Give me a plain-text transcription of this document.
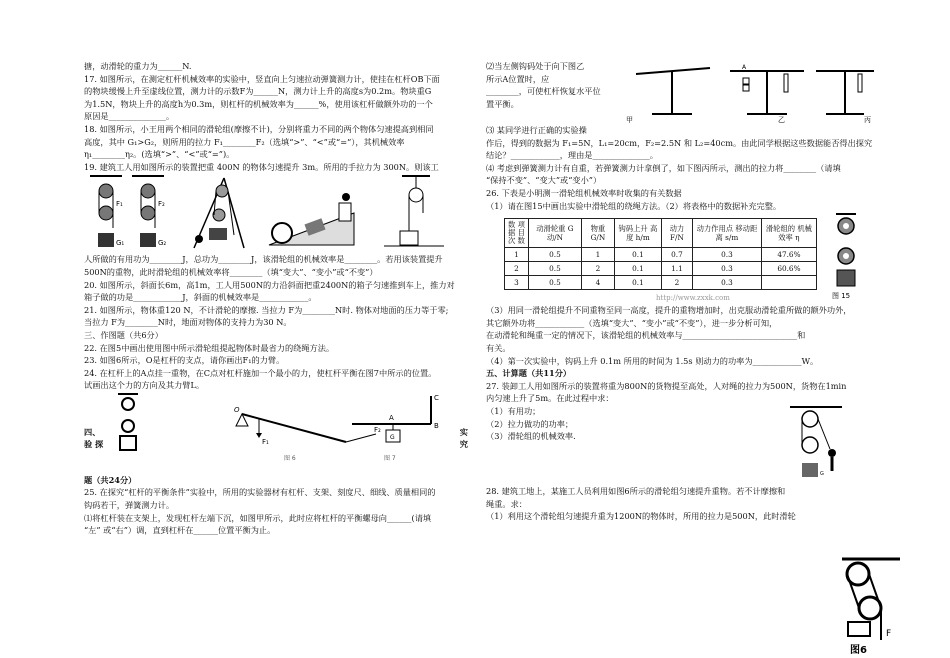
搪，动滑轮的重力为______N.

17. 如图所示，在测定杠杆机械效率的实验中，竖直向上匀速拉动弹簧测力计，使挂在杠杆OB下面

的物块缓慢上升至虚线位置，测力计的示数F为______N，测力计上升的高度s为0.2m。物块重G

为1.5N，物块上升的高度h为0.3m，则杠杆的机械效率为______%，使用该杠杆做额外功的一个

原因是______________。

18. 如图所示，小王用两个相同的滑轮组(摩擦不计)，分别将重力不同的两个物体匀速提高到相同

高度，其中 G₁>G₂，则所用的拉力 F₁________F₂（选填“>”、“<”或“=”），其机械效率

η₁________η₂。(选填“>”、“<”或“=”)。

19. 建筑工人用如图所示的装置把重 400N 的物体匀速提升 3m。所用的手拉力为 300N。则该工

F₁
G₁
F₂
G₂

人所做的有用功为________J，总功为________J，该滑轮组的机械效率是________。若用该装置提升

500N的重物，此时滑轮组的机械效率将________（填“变大”、“变小”或“不变”）

20. 如图所示，斜面长6m，高1m，工人用500N的力沿斜面把重2400N的箱子匀速推到车上，推力对

箱子做的功是____________J，斜面的机械效率是____________。

21. 如图所示，物体重120 N，不计滑轮的摩擦. 当拉力 F为________N时. 物体对地面的压力等于零;

当拉力 F为________N时，地面对物体的支持力为30 N。

三、作图题（共6分）

22. 在图5中画出使用图中所示滑轮组提起物体时最省力的绕绳方法。

23. 如图6所示，O是杠杆的支点，请你画出F₁的力臂。

24. 在杠杆上的A点挂一重物，在C点对杠杆施加一个最小的力，使杠杆平衡在图7中所示的位置。

试画出这个力的方向及其力臂L。

四、
验 探
实
究
O
F₁
F₂
A
B
C
G
图 6	图 7

题（共24分）

25. 在探究“杠杆的平衡条件”实验中，所用的实验器材有杠杆、支架、刻度尺、细线、质量相同的

钩码若干，弹簧测力计。

⑴将杠杆装在支架上，发现杠杆左端下沉，如图甲所示，此时应将杠杆的平衡螺母向______(请填

“左” 或“右”）调，直到杠杆在______位置平衡为止。

⑵当左侧钩码处于向下图乙

所示A位置时，应

________，可使杠杆恢复水平位

置平衡。

甲
A
乙	丙

⑶ 某同学进行正确的实验操

作后，得到的数据为 F₁=5N，L₁=20cm，F₂=2.5N 和 L₂=40cm。由此同学根据这些数据能否得出探究

结论？____________，理由是______________。

⑷ 考虑到弹簧测力计有自重，若弹簧测力计拿倒了，如下图丙所示，测出的拉力将________（请填

“保持不变”、“变大”或“变小”）

26. 下表是小明测一滑轮组机械效率时收集的有关数据

（1）请在图15中画出实验中滑轮组的绕绳方法。（2）将表格中的数据补充完整。

数 项
据 目
次 数	动滑轮重 G动/N	物重 G/N	钩码上升 高度 h/m	动力 F/N	动力作用点 移动距离 s/m	滑轮组的 机械效率 η
1	0.5	1	0.1	0.7	0.3	47.6%
2	0.5	2	0.1	1.1	0.3	60.6%
3	0.5	4	0.1	2	0.3	
http://www.zxxk.com	图 15

（3）用同一滑轮组提升不同重物至同一高度，提升的重物增加时，出克服动滑轮重所做的额外功外，

其它额外功将____________（选填“变大”、“变小”或“不变”），进一步分析可知，

在动滑轮和绳重一定的情况下，该滑轮组的机械效率与____________________________和

有关。

（4）第一次实验中，钩码上升 0.1m 所用的时间为 1.5s 则动力的功率为____________W。

五、计算题（共11分）

27. 装卸工人用如图所示的装置将重为800N的货物提至高处，人对绳的拉力为500N，货物在1min

内匀速上升了5m。在此过程中求：

（1）有用功；

（2）拉力做功的功率；

（3）滑轮组的机械效率.

G

28. 建筑工地上，某施工人员利用如图6所示的滑轮组匀速提升重物。若不计摩擦和

绳重。求：

（1）利用这个滑轮组匀速提升重为1200N的物体时，所用的拉力是500N，此时滑轮

F
图6
